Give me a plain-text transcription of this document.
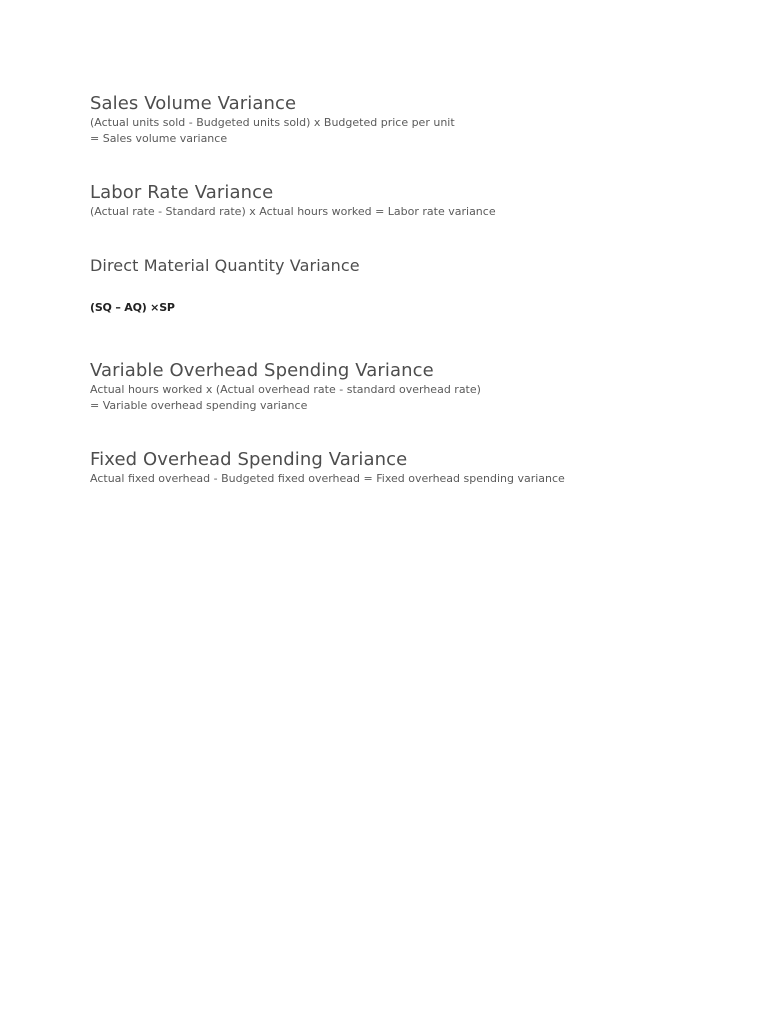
Sales Volume Variance

(Actual units sold - Budgeted units sold) x Budgeted price per unit

= Sales volume variance

Labor Rate Variance

(Actual rate - Standard rate) x Actual hours worked = Labor rate variance

Direct Material Quantity Variance

(SQ – AQ) ×SP

Variable Overhead Spending Variance

Actual hours worked x (Actual overhead rate - standard overhead rate)

= Variable overhead spending variance

Fixed Overhead Spending Variance

Actual fixed overhead - Budgeted fixed overhead = Fixed overhead spending variance
